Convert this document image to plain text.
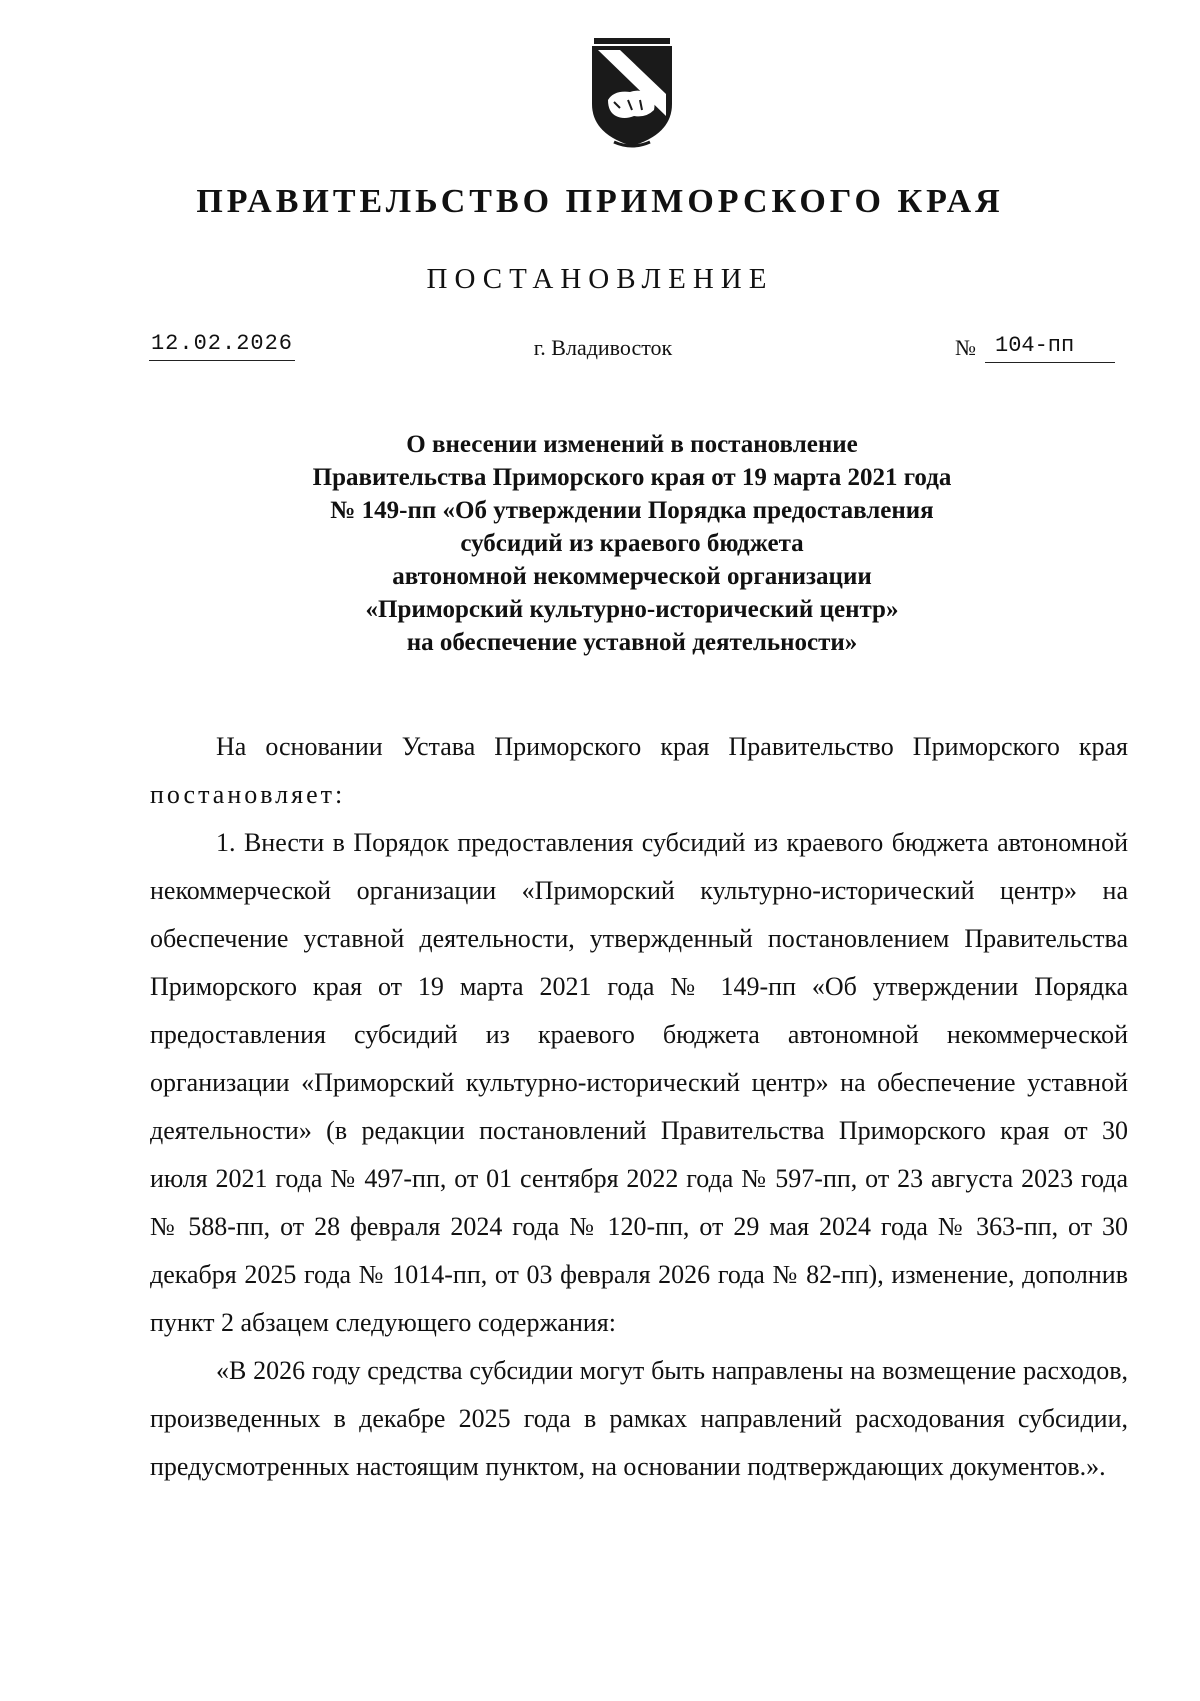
ПРАВИТЕЛЬСТВО ПРИМОРСКОГО КРАЯ
ПОСТАНОВЛЕНИЕ
12.02.2026	г. Владивосток	№ 104-пп
О внесении изменений в постановление
Правительства Приморского края от 19 марта 2021 года
№ 149-пп «Об утверждении Порядка предоставления
субсидий из краевого бюджета
автономной некоммерческой организации
«Приморский культурно-исторический центр»
на обеспечение уставной деятельности»

На основании Устава Приморского края Правительство Приморского края постановляет:

1. Внести в Порядок предоставления субсидий из краевого бюджета автономной некоммерческой организации «Приморский культурно-исторический центр» на обеспечение уставной деятельности, утвержденный постановлением Правительства Приморского края от 19 марта 2021 года № 149-пп «Об утверждении Порядка предоставления субсидий из краевого бюджета автономной некоммерческой организации «Приморский культурно-исторический центр» на обеспечение уставной деятельности» (в редакции постановлений Правительства Приморского края от 30 июля 2021 года № 497-пп, от 01 сентября 2022 года № 597-пп, от 23 августа 2023 года № 588-пп, от 28 февраля 2024 года № 120-пп, от 29 мая 2024 года № 363-пп, от 30 декабря 2025 года № 1014-пп, от 03 февраля 2026 года № 82-пп), изменение, дополнив пункт 2 абзацем следующего содержания:

«В 2026 году средства субсидии могут быть направлены на возмещение расходов, произведенных в декабре 2025 года в рамках направлений расходования субсидии, предусмотренных настоящим пунктом, на основании подтверждающих документов.».
